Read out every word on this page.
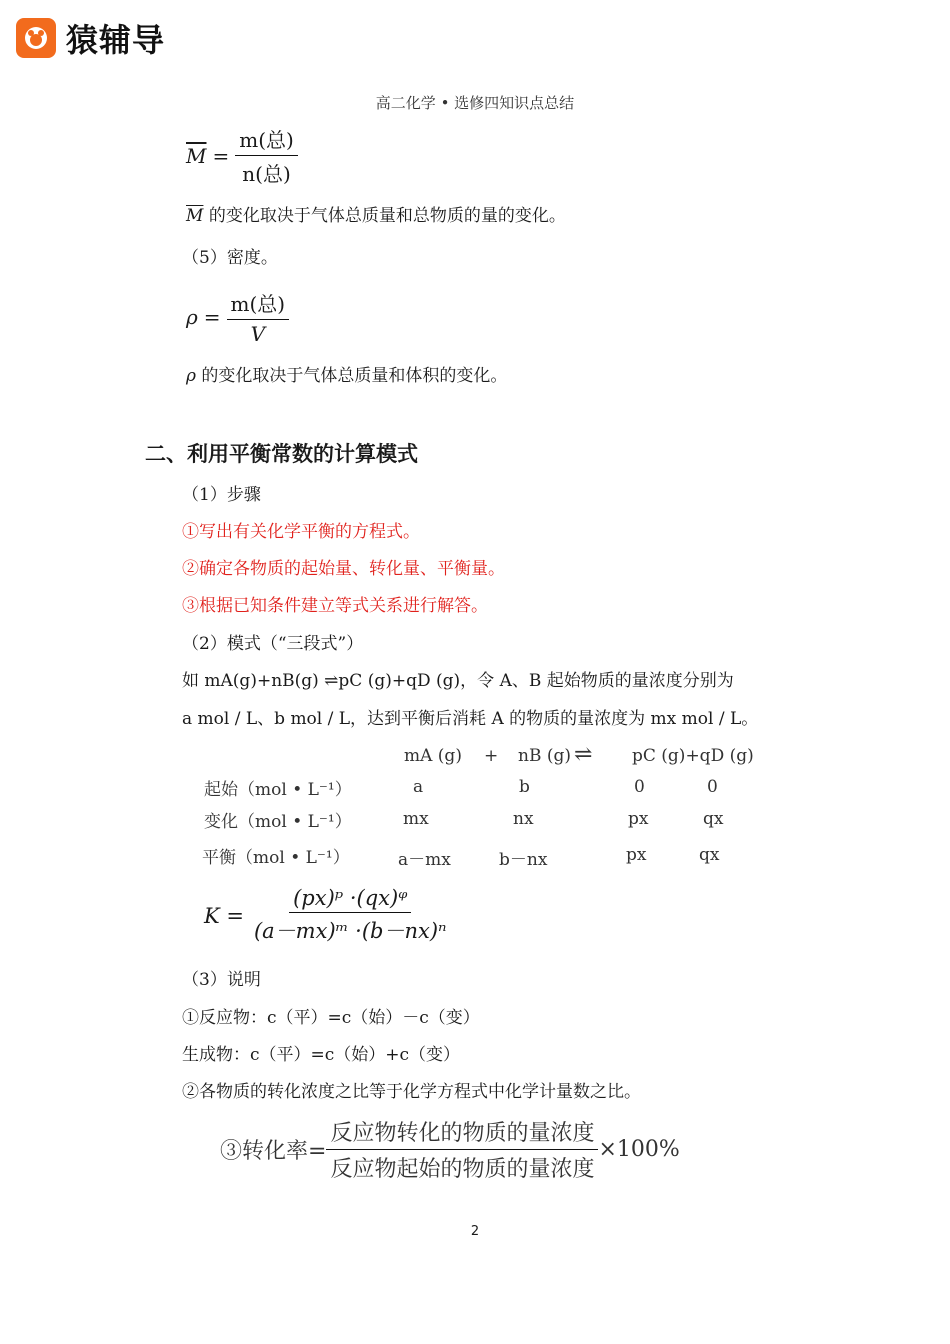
猿辅导
高二化学 • 选修四知识点总结
$\overline{M} = \frac{\text{m(总)}}{\text{n(总)}}$
$\overline{M}$ 的变化取决于气体总质量和总物质的量的变化。
（5）密度。
$\rho = \frac{\text{m(总)}}{V}$
ρ 的变化取决于气体总质量和体积的变化。
二、利用平衡常数的计算模式
（1）步骤
①写出有关化学平衡的方程式。
②确定各物质的起始量、转化量、平衡量。
③根据已知条件建立等式关系进行解答。
（2）模式（“三段式”）
如 mA(g)+nB(g) ⇌pC (g)+qD (g)，令 A、B 起始物质的量浓度分别为
a mol / L、b mol / L，达到平衡后消耗 A 的物质的量浓度为 mx mol / L。
mA (g) + nB (g) ⇌ pC (g)+qD (g)
起始（mol • L⁻¹）	a	b	0	0
变化（mol • L⁻¹）	mx	nx	px	qx
平衡（mol • L⁻¹）	a－mx	b－nx	px	qx
$K = \frac{\text{(px)ᵖ ·(qx)ᵠ}}{\text{(a－mx)ᵐ ·(b－nx)ⁿ}}$
（3）说明
①反应物：c（平）=c（始）－c（变）
生成物：c（平）=c（始）+c（变）
②各物质的转化浓度之比等于化学方程式中化学计量数之比。
③转化率= $\frac{\text{反应物转化的物质的量浓度}}{\text{反应物起始的物质的量浓度}} \times 100\%$
2
